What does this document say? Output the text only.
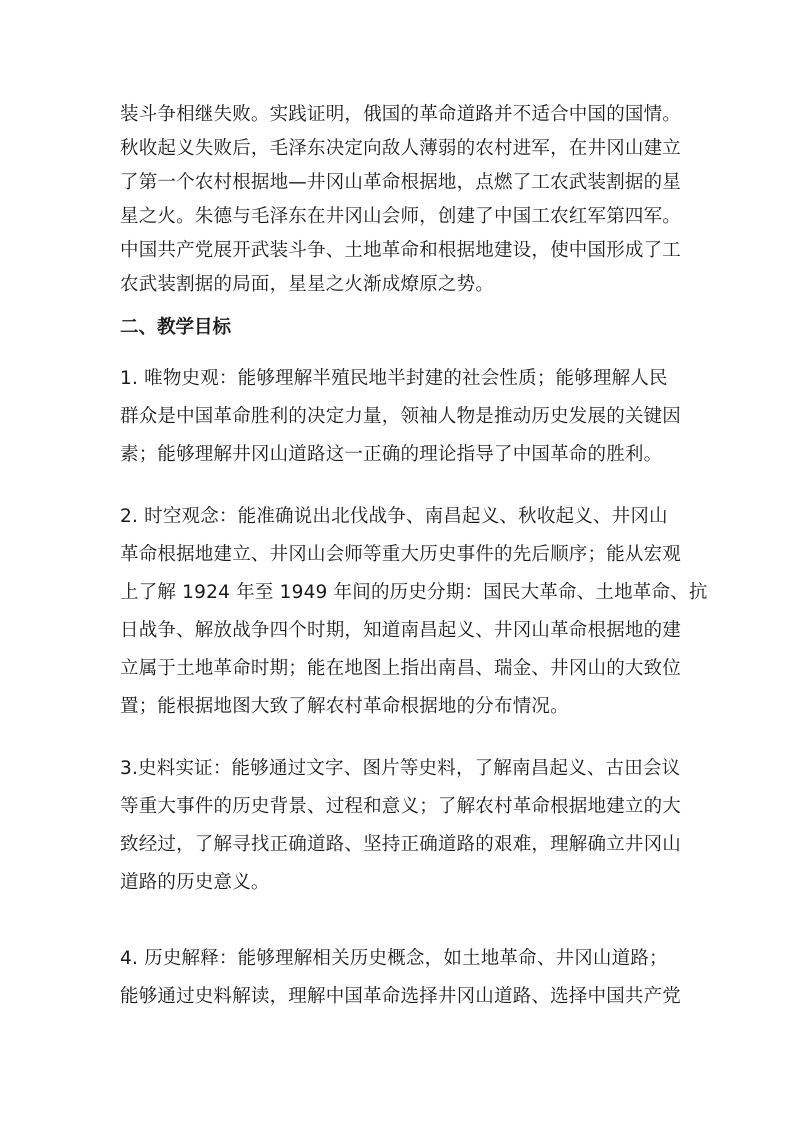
装斗争相继失败。实践证明，俄国的革命道路并不适合中国的国情。
秋收起义失败后，毛泽东决定向敌人薄弱的农村进军，在井冈山建立
了第一个农村根据地—井冈山革命根据地，点燃了工农武装割据的星
星之火。朱德与毛泽东在井冈山会师，创建了中国工农红军第四军。
中国共产党展开武装斗争、土地革命和根据地建设，使中国形成了工
农武装割据的局面，星星之火渐成燎原之势。
二、教学目标
1. 唯物史观：能够理解半殖民地半封建的社会性质；能够理解人民
群众是中国革命胜利的决定力量，领袖人物是推动历史发展的关键因
素；能够理解井冈山道路这一正确的理论指导了中国革命的胜利。
2. 时空观念：能准确说出北伐战争、南昌起义、秋收起义、井冈山
革命根据地建立、井冈山会师等重大历史事件的先后顺序；能从宏观
上了解 1924 年至 1949 年间的历史分期：国民大革命、土地革命、抗
日战争、解放战争四个时期，知道南昌起义、井冈山革命根据地的建
立属于土地革命时期；能在地图上指出南昌、瑞金、井冈山的大致位
置；能根据地图大致了解农村革命根据地的分布情况。
3.史料实证：能够通过文字、图片等史料，了解南昌起义、古田会议
等重大事件的历史背景、过程和意义；了解农村革命根据地建立的大
致经过，了解寻找正确道路、坚持正确道路的艰难，理解确立井冈山
道路的历史意义。
4. 历史解释：能够理解相关历史概念，如土地革命、井冈山道路；
能够通过史料解读，理解中国革命选择井冈山道路、选择中国共产党
